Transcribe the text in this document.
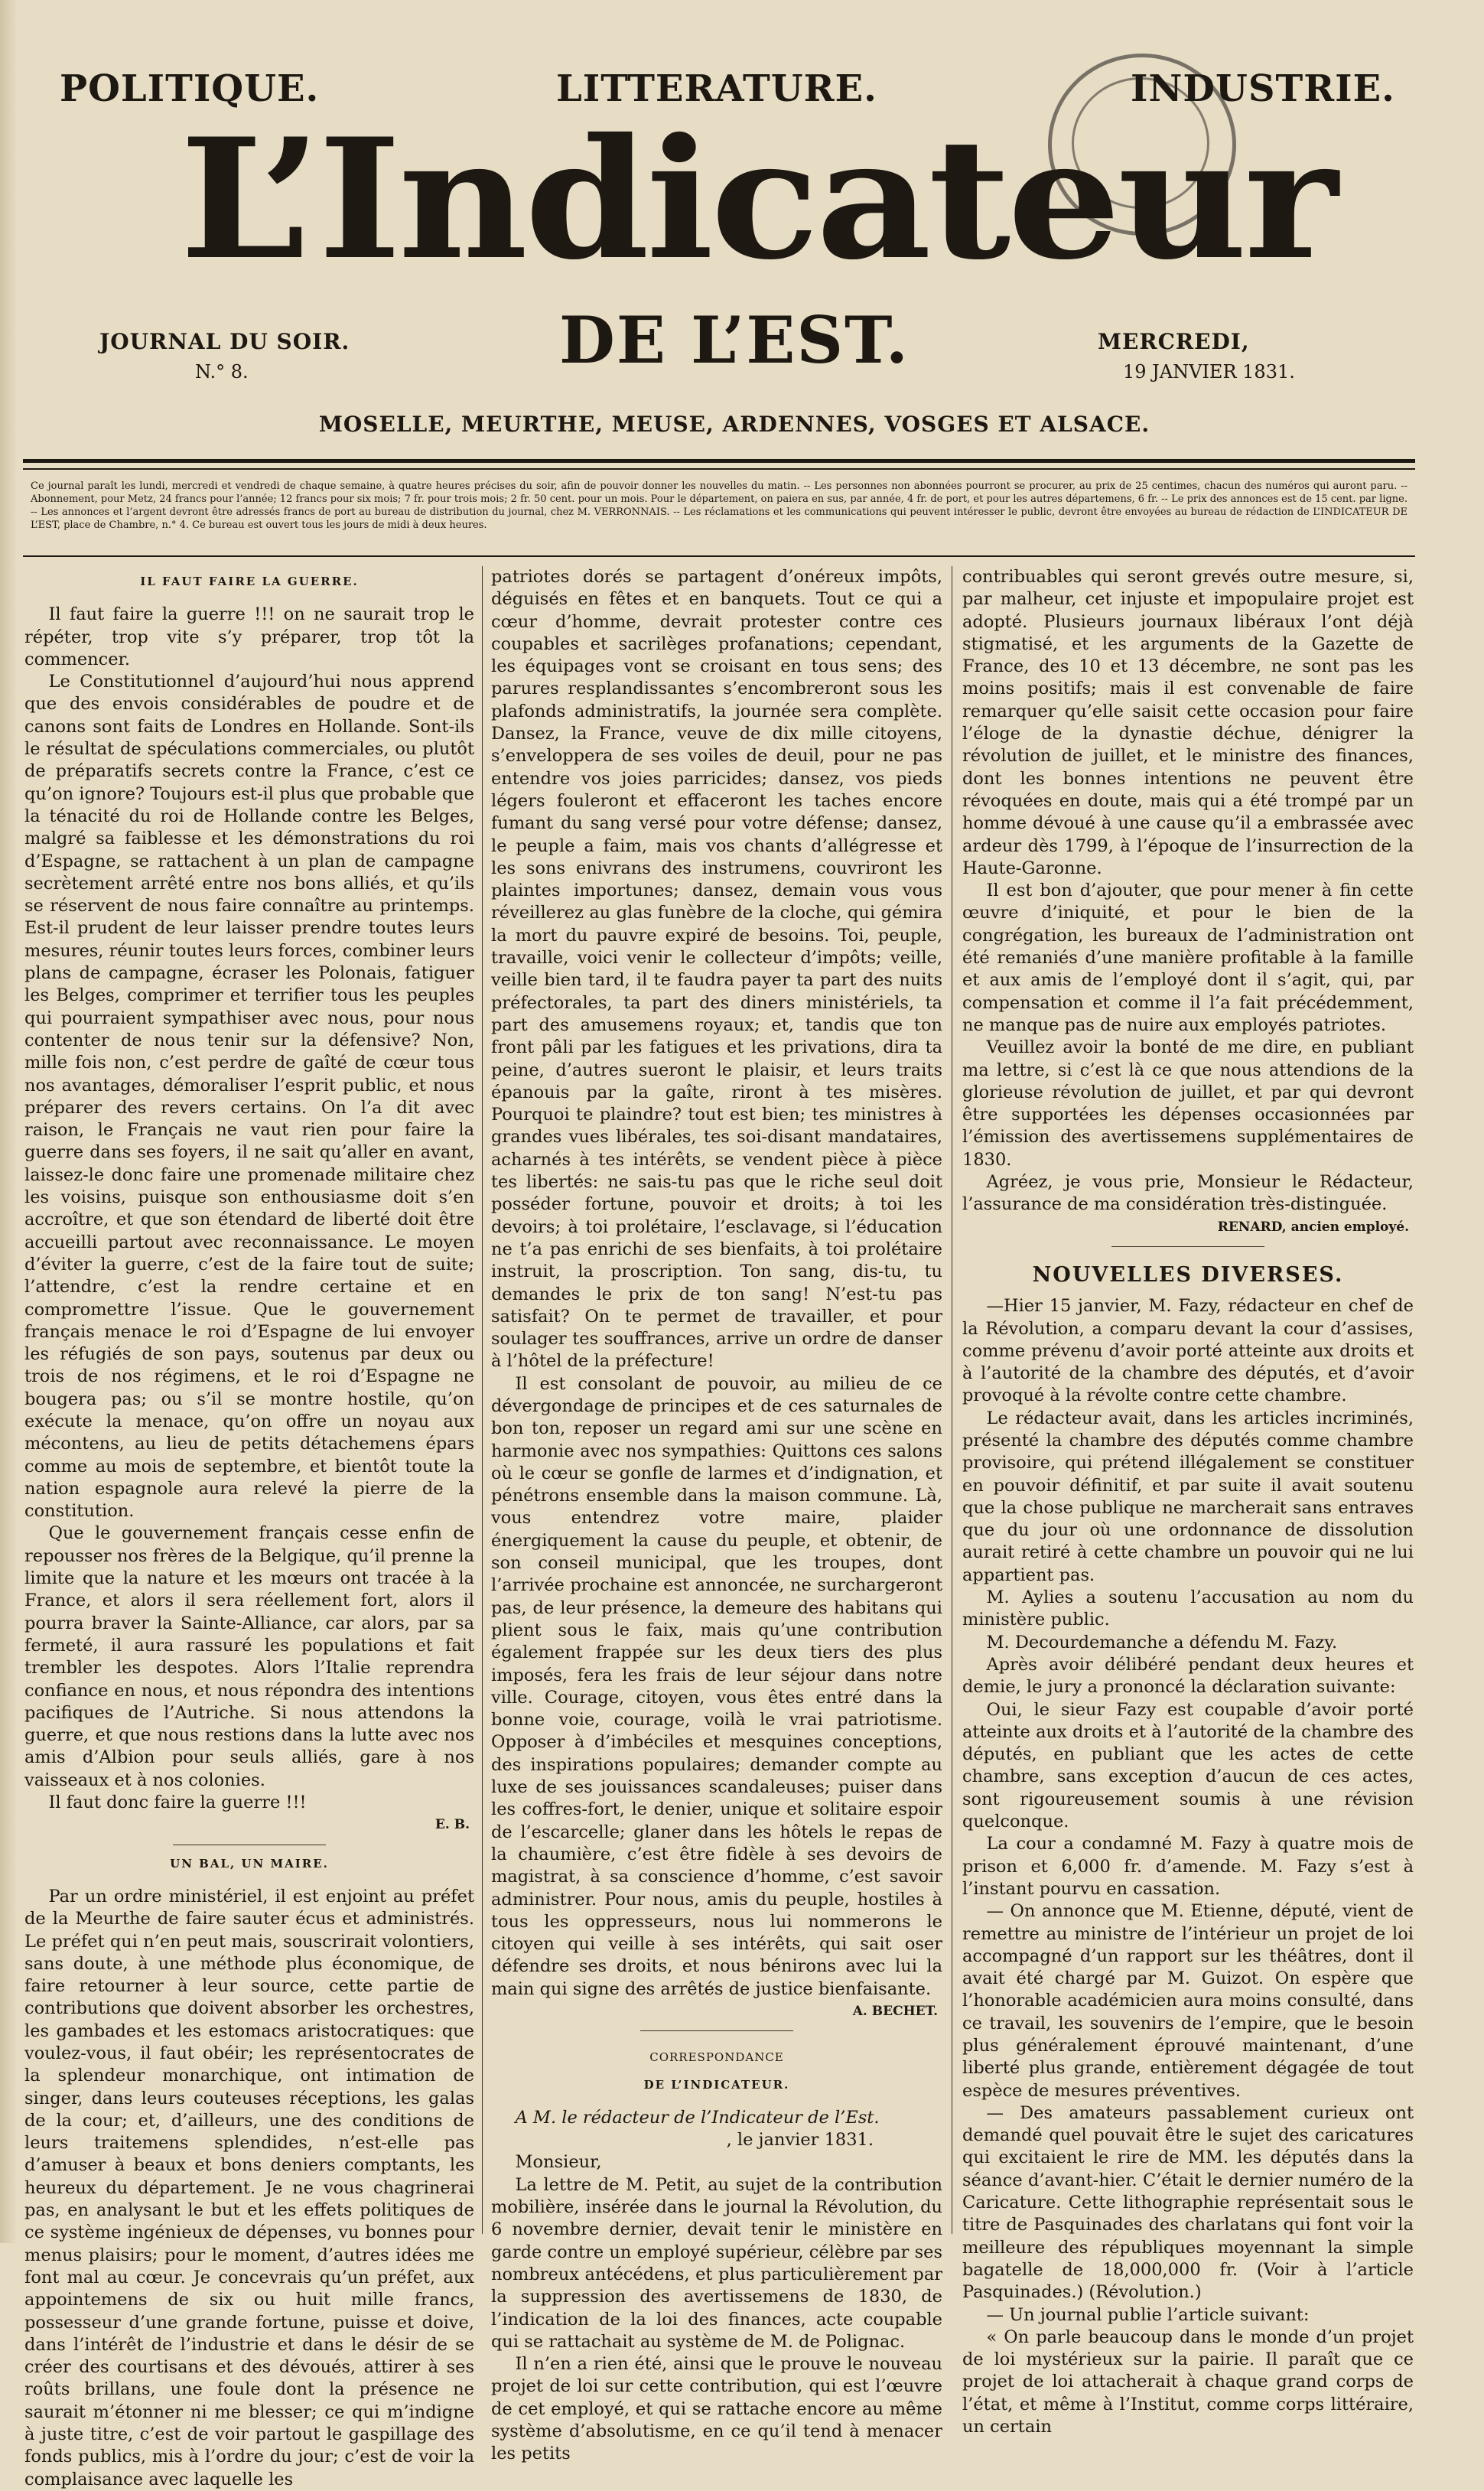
POLITIQUE.	LITTERATURE.	INDUSTRIE.
L’Indicateur
JOURNAL DU SOIR.
N.° 8.	DE L’EST.	MERCREDI,
19 JANVIER 1831.
MOSELLE, MEURTHE, MEUSE, ARDENNES, VOSGES ET ALSACE.
Ce journal paraît les lundi, mercredi et vendredi de chaque semaine, à quatre heures précises du soir, afin de pouvoir donner les nouvelles du matin. -- Les personnes non abonnées pourront se procurer, au prix de 25 centimes, chacun des numéros qui auront paru. -- Abonnement, pour Metz, 24 francs pour l’année; 12 francs pour six mois; 7 fr. pour trois mois; 2 fr. 50 cent. pour un mois. Pour le département, on paiera en sus, par année, 4 fr. de port, et pour les autres départemens, 6 fr. -- Le prix des annonces est de 15 cent. par ligne. -- Les annonces et l’argent devront être adressés francs de port au bureau de distribution du journal, chez M. VERRONNAIS. -- Les réclamations et les communications qui peuvent intéresser le public, devront être envoyées au bureau de rédaction de L’INDICATEUR DE L’EST, place de Chambre, n.° 4. Ce bureau est ouvert tous les jours de midi à deux heures.
IL FAUT FAIRE LA GUERRE.

Il faut faire la guerre !!! on ne saurait trop le répéter, trop vite s’y préparer, trop tôt la commencer.

Le Constitutionnel d’aujourd’hui nous apprend que des envois considérables de poudre et de canons sont faits de Londres en Hollande. Sont-ils le résultat de spéculations commerciales, ou plutôt de préparatifs secrets contre la France, c’est ce qu’on ignore? Toujours est-il plus que probable que la ténacité du roi de Hollande contre les Belges, malgré sa faiblesse et les démonstrations du roi d’Espagne, se rattachent à un plan de campagne secrètement arrêté entre nos bons alliés, et qu’ils se réservent de nous faire connaître au printemps. Est-il prudent de leur laisser prendre toutes leurs mesures, réunir toutes leurs forces, combiner leurs plans de campagne, écraser les Polonais, fatiguer les Belges, comprimer et terrifier tous les peuples qui pourraient sympathiser avec nous, pour nous contenter de nous tenir sur la défensive? Non, mille fois non, c’est perdre de gaîté de cœur tous nos avantages, démoraliser l’esprit public, et nous préparer des revers certains. On l’a dit avec raison, le Français ne vaut rien pour faire la guerre dans ses foyers, il ne sait qu’aller en avant, laissez-le donc faire une promenade militaire chez les voisins, puisque son enthousiasme doit s’en accroître, et que son étendard de liberté doit être accueilli partout avec reconnaissance. Le moyen d’éviter la guerre, c’est de la faire tout de suite; l’attendre, c’est la rendre certaine et en compromettre l’issue. Que le gouvernement français menace le roi d’Espagne de lui envoyer les réfugiés de son pays, soutenus par deux ou trois de nos régimens, et le roi d’Espagne ne bougera pas; ou s’il se montre hostile, qu’on exécute la menace, qu’on offre un noyau aux mécontens, au lieu de petits détachemens épars comme au mois de septembre, et bientôt toute la nation espagnole aura relevé la pierre de la constitution.

Que le gouvernement français cesse enfin de repousser nos frères de la Belgique, qu’il prenne la limite que la nature et les mœurs ont tracée à la France, et alors il sera réellement fort, alors il pourra braver la Sainte-Alliance, car alors, par sa fermeté, il aura rassuré les populations et fait trembler les despotes. Alors l’Italie reprendra confiance en nous, et nous répondra des intentions pacifiques de l’Autriche. Si nous attendons la guerre, et que nous restions dans la lutte avec nos amis d’Albion pour seuls alliés, gare à nos vaisseaux et à nos colonies.

Il faut donc faire la guerre !!!

E. B.
UN BAL, UN MAIRE.

Par un ordre ministériel, il est enjoint au préfet de la Meurthe de faire sauter écus et administrés. Le préfet qui n’en peut mais, souscrirait volontiers, sans doute, à une méthode plus économique, de faire retourner à leur source, cette partie de contributions que doivent absorber les orchestres, les gambades et les estomacs aristocratiques: que voulez-vous, il faut obéir; les représentocrates de la splendeur monarchique, ont intimation de singer, dans leurs couteuses réceptions, les galas de la cour; et, d’ailleurs, une des conditions de leurs traitemens splendides, n’est-elle pas d’amuser à beaux et bons deniers comptants, les heureux du département. Je ne vous chagrinerai pas, en analysant le but et les effets politiques de ce système ingénieux de dépenses, vu bonnes pour menus plaisirs; pour le moment, d’autres idées me font mal au cœur. Je concevrais qu’un préfet, aux appointemens de six ou huit mille francs, possesseur d’une grande fortune, puisse et doive, dans l’intérêt de l’industrie et dans le désir de se créer des courtisans et des dévoués, attirer à ses roûts brillans, une foule dont la présence ne saurait m’étonner ni me blesser; ce qui m’indigne à juste titre, c’est de voir partout le gaspillage des fonds publics, mis à l’ordre du jour; c’est de voir la complaisance avec laquelle les

patriotes dorés se partagent d’onéreux impôts, déguisés en fêtes et en banquets. Tout ce qui a cœur d’homme, devrait protester contre ces coupables et sacrilèges profanations; cependant, les équipages vont se croisant en tous sens; des parures resplandissantes s’encombreront sous les plafonds administratifs, la journée sera complète. Dansez, la France, veuve de dix mille citoyens, s’enveloppera de ses voiles de deuil, pour ne pas entendre vos joies parricides; dansez, vos pieds légers fouleront et effaceront les taches encore fumant du sang versé pour votre défense; dansez, le peuple a faim, mais vos chants d’allégresse et les sons enivrans des instrumens, couvriront les plaintes importunes; dansez, demain vous vous réveillerez au glas funèbre de la cloche, qui gémira la mort du pauvre expiré de besoins. Toi, peuple, travaille, voici venir le collecteur d’impôts; veille, veille bien tard, il te faudra payer ta part des nuits préfectorales, ta part des diners ministériels, ta part des amusemens royaux; et, tandis que ton front pâli par les fatigues et les privations, dira ta peine, d’autres sueront le plaisir, et leurs traits épanouis par la gaîte, riront à tes misères. Pourquoi te plaindre? tout est bien; tes ministres à grandes vues libérales, tes soi-disant mandataires, acharnés à tes intérêts, se vendent pièce à pièce tes libertés: ne sais-tu pas que le riche seul doit posséder fortune, pouvoir et droits; à toi les devoirs; à toi prolétaire, l’esclavage, si l’éducation ne t’a pas enrichi de ses bienfaits, à toi prolétaire instruit, la proscription. Ton sang, dis-tu, tu demandes le prix de ton sang! N’est-tu pas satisfait? On te permet de travailler, et pour soulager tes souffrances, arrive un ordre de danser à l’hôtel de la préfecture!

Il est consolant de pouvoir, au milieu de ce dévergondage de principes et de ces saturnales de bon ton, reposer un regard ami sur une scène en harmonie avec nos sympathies: Quittons ces salons où le cœur se gonfle de larmes et d’indignation, et pénétrons ensemble dans la maison commune. Là, vous entendrez votre maire, plaider énergiquement la cause du peuple, et obtenir, de son conseil municipal, que les troupes, dont l’arrivée prochaine est annoncée, ne surchargeront pas, de leur présence, la demeure des habitans qui plient sous le faix, mais qu’une contribution également frappée sur les deux tiers des plus imposés, fera les frais de leur séjour dans notre ville. Courage, citoyen, vous êtes entré dans la bonne voie, courage, voilà le vrai patriotisme. Opposer à d’imbéciles et mesquines conceptions, des inspirations populaires; demander compte au luxe de ses jouissances scandaleuses; puiser dans les coffres-fort, le denier, unique et solitaire espoir de l’escarcelle; glaner dans les hôtels le repas de la chaumière, c’est être fidèle à ses devoirs de magistrat, à sa conscience d’homme, c’est savoir administrer. Pour nous, amis du peuple, hostiles à tous les oppresseurs, nous lui nommerons le citoyen qui veille à ses intérêts, qui sait oser défendre ses droits, et nous bénirons avec lui la main qui signe des arrêtés de justice bienfaisante.

A. BECHET.
CORRESPONDANCE
DE L’INDICATEUR.

A M. le rédacteur de l’Indicateur de l’Est.

, le janvier 1831.

Monsieur,

La lettre de M. Petit, au sujet de la contribution mobilière, insérée dans le journal la Révolution, du 6 novembre dernier, devait tenir le ministère en garde contre un employé supérieur, célèbre par ses nombreux antécédens, et plus particulièrement par la suppression des avertissemens de 1830, de l’indication de la loi des finances, acte coupable qui se rattachait au système de M. de Polignac.

Il n’en a rien été, ainsi que le prouve le nouveau projet de loi sur cette contribution, qui est l’œuvre de cet employé, et qui se rattache encore au même système d’absolutisme, en ce qu’il tend à menacer les petits

contribuables qui seront grevés outre mesure, si, par malheur, cet injuste et impopulaire projet est adopté. Plusieurs journaux libéraux l’ont déjà stigmatisé, et les arguments de la Gazette de France, des 10 et 13 décembre, ne sont pas les moins positifs; mais il est convenable de faire remarquer qu’elle saisit cette occasion pour faire l’éloge de la dynastie déchue, dénigrer la révolution de juillet, et le ministre des finances, dont les bonnes intentions ne peuvent être révoquées en doute, mais qui a été trompé par un homme dévoué à une cause qu’il a embrassée avec ardeur dès 1799, à l’époque de l’insurrection de la Haute-Garonne.

Il est bon d’ajouter, que pour mener à fin cette œuvre d’iniquité, et pour le bien de la congrégation, les bureaux de l’administration ont été remaniés d’une manière profitable à la famille et aux amis de l’employé dont il s’agit, qui, par compensation et comme il l’a fait précédemment, ne manque pas de nuire aux employés patriotes.

Veuillez avoir la bonté de me dire, en publiant ma lettre, si c’est là ce que nous attendions de la glorieuse révolution de juillet, et par qui devront être supportées les dépenses occasionnées par l’émission des avertissemens supplémentaires de 1830.

Agréez, je vous prie, Monsieur le Rédacteur, l’assurance de ma considération très-distinguée.

RENARD, ancien employé.
NOUVELLES DIVERSES.

—Hier 15 janvier, M. Fazy, rédacteur en chef de la Révolution, a comparu devant la cour d’assises, comme prévenu d’avoir porté atteinte aux droits et à l’autorité de la chambre des députés, et d’avoir provoqué à la révolte contre cette chambre.

Le rédacteur avait, dans les articles incriminés, présenté la chambre des députés comme chambre provisoire, qui prétend illégalement se constituer en pouvoir définitif, et par suite il avait soutenu que la chose publique ne marcherait sans entraves que du jour où une ordonnance de dissolution aurait retiré à cette chambre un pouvoir qui ne lui appartient pas.

M. Aylies a soutenu l’accusation au nom du ministère public.

M. Decourdemanche a défendu M. Fazy.

Après avoir délibéré pendant deux heures et demie, le jury a prononcé la déclaration suivante:

Oui, le sieur Fazy est coupable d’avoir porté atteinte aux droits et à l’autorité de la chambre des députés, en publiant que les actes de cette chambre, sans exception d’aucun de ces actes, sont rigoureusement soumis à une révision quelconque.

La cour a condamné M. Fazy à quatre mois de prison et 6,000 fr. d’amende. M. Fazy s’est à l’instant pourvu en cassation.

— On annonce que M. Etienne, député, vient de remettre au ministre de l’intérieur un projet de loi accompagné d’un rapport sur les théâtres, dont il avait été chargé par M. Guizot. On espère que l’honorable académicien aura moins consulté, dans ce travail, les souvenirs de l’empire, que le besoin plus généralement éprouvé maintenant, d’une liberté plus grande, entièrement dégagée de tout espèce de mesures préventives.

— Des amateurs passablement curieux ont demandé quel pouvait être le sujet des caricatures qui excitaient le rire de MM. les députés dans la séance d’avant-hier. C’était le dernier numéro de la Caricature. Cette lithographie représentait sous le titre de Pasquinades des charlatans qui font voir la meilleure des républiques moyennant la simple bagatelle de 18,000,000 fr. (Voir à l’article Pasquinades.) (Révolution.)

— Un journal publie l’article suivant:

« On parle beaucoup dans le monde d’un projet de loi mystérieux sur la pairie. Il paraît que ce projet de loi attacherait à chaque grand corps de l’état, et même à l’Institut, comme corps littéraire, un certain
